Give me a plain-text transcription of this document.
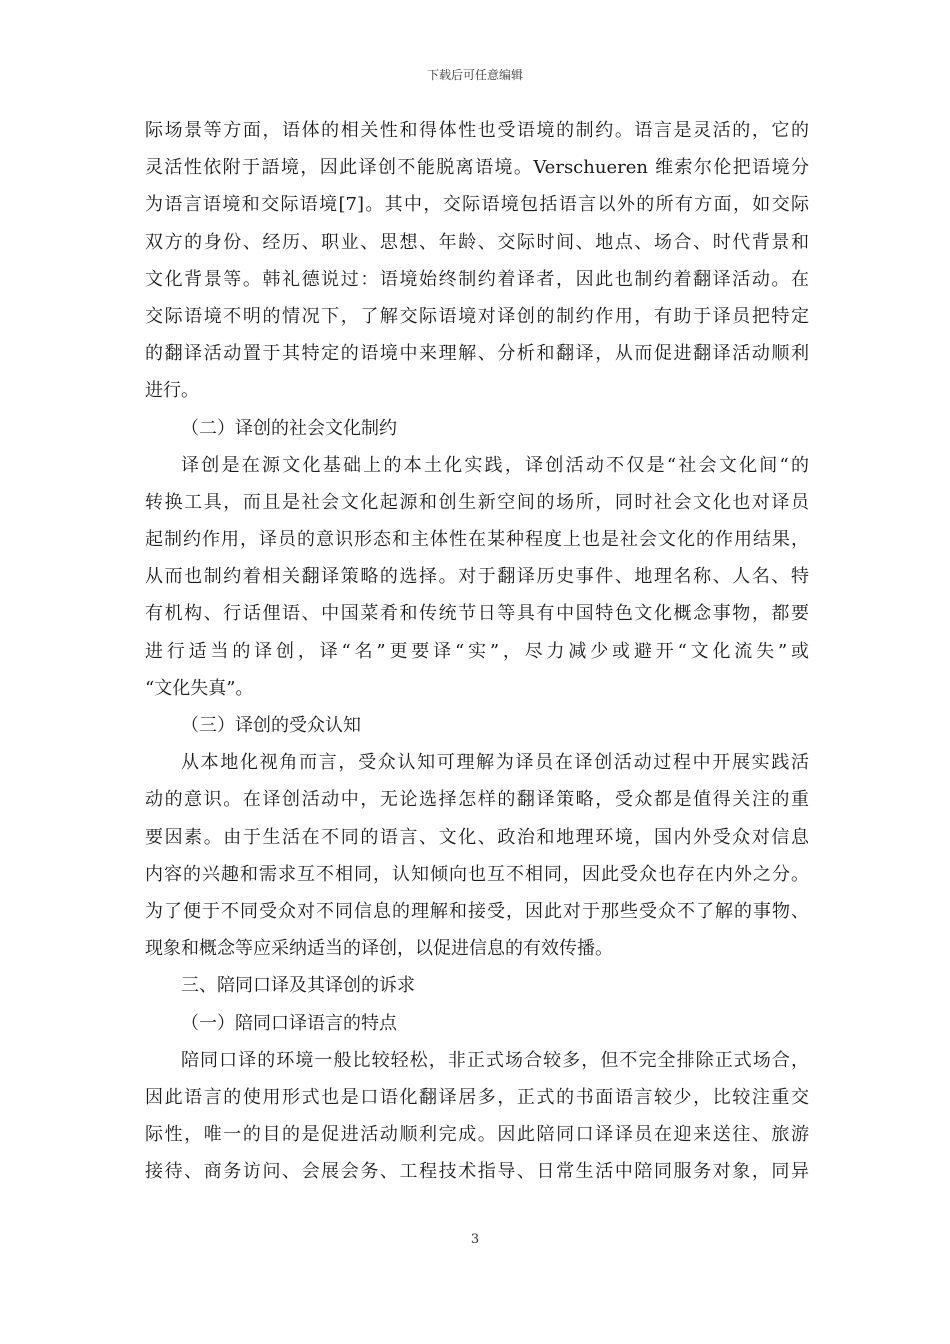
下载后可任意编辑
际场景等方面，语体的相关性和得体性也受语境的制约。语言是灵活的，它的
灵活性依附于語境，因此译创不能脱离语境。Verschueren 维索尔伦把语境分
为语言语境和交际语境[7]。其中，交际语境包括语言以外的所有方面，如交际
双方的身份、经历、职业、思想、年龄、交际时间、地点、场合、时代背景和
文化背景等。韩礼德说过：语境始终制约着译者，因此也制约着翻译活动。在
交际语境不明的情况下，了解交际语境对译创的制约作用，有助于译员把特定
的翻译活动置于其特定的语境中来理解、分析和翻译，从而促进翻译活动顺利
进行。
（二）译创的社会文化制约
译创是在源文化基础上的本土化实践，译创活动不仅是“社会文化间“的
转换工具，而且是社会文化起源和创生新空间的场所，同时社会文化也对译员
起制约作用，译员的意识形态和主体性在某种程度上也是社会文化的作用结果，
从而也制约着相关翻译策略的选择。对于翻译历史事件、地理名称、人名、特
有机构、行话俚语、中国菜肴和传统节日等具有中国特色文化概念事物，都要
进行适当的译创，译“名”更要译“实”，尽力减少或避开“文化流失”或
“文化失真”。
（三）译创的受众认知
从本地化视角而言，受众认知可理解为译员在译创活动过程中开展实践活
动的意识。在译创活动中，无论选择怎样的翻译策略，受众都是值得关注的重
要因素。由于生活在不同的语言、文化、政治和地理环境，国内外受众对信息
内容的兴趣和需求互不相同，认知倾向也互不相同，因此受众也存在内外之分。
为了便于不同受众对不同信息的理解和接受，因此对于那些受众不了解的事物、
现象和概念等应采纳适当的译创，以促进信息的有效传播。
三、陪同口译及其译创的诉求
（一）陪同口译语言的特点
陪同口译的环境一般比较轻松，非正式场合较多，但不完全排除正式场合，
因此语言的使用形式也是口语化翻译居多，正式的书面语言较少，比较注重交
际性，唯一的目的是促进活动顺利完成。因此陪同口译译员在迎来送往、旅游
接待、商务访问、会展会务、工程技术指导、日常生活中陪同服务对象，同异
3
